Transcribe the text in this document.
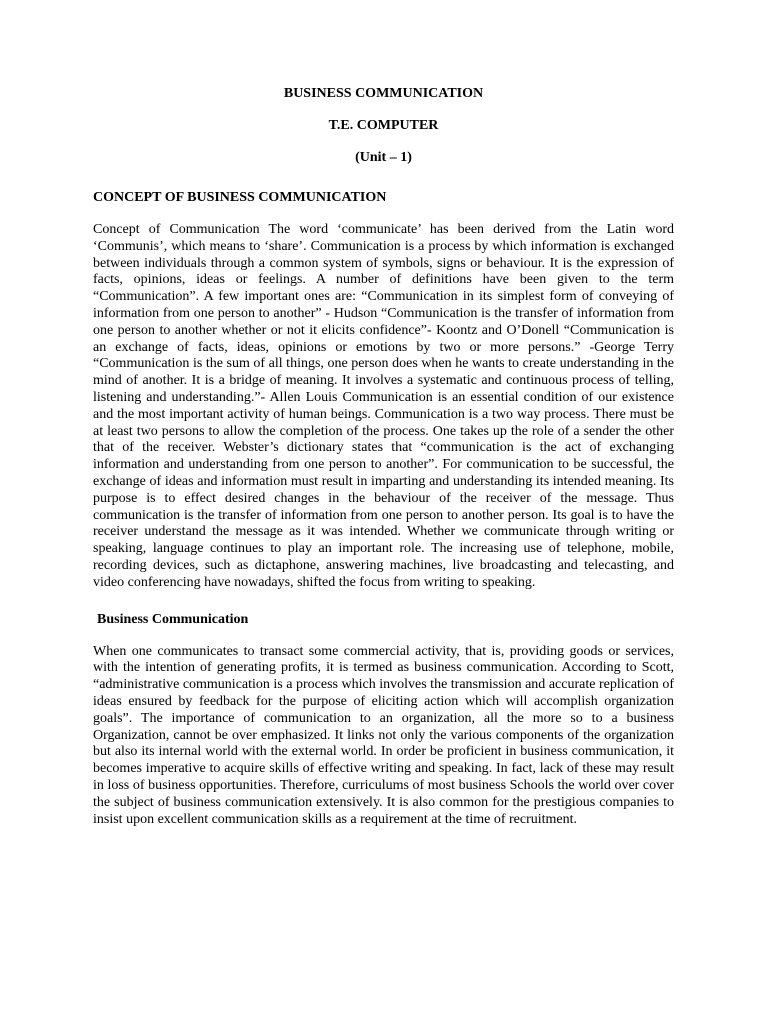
BUSINESS COMMUNICATION

T.E. COMPUTER

(Unit – 1)

CONCEPT OF BUSINESS COMMUNICATION

Concept of Communication The word ‘communicate’ has been derived from the Latin word ‘Communis’, which means to ‘share’. Communication is a process by which information is exchanged between individuals through a common system of symbols, signs or behaviour. It is the expression of facts, opinions, ideas or feelings. A number of definitions have been given to the term “Communication”. A few important ones are: “Communication in its simplest form of conveying of information from one person to another” - Hudson “Communication is the transfer of information from one person to another whether or not it elicits confidence”- Koontz and O’Donell “Communication is an exchange of facts, ideas, opinions or emotions by two or more persons.” -George Terry “Communication is the sum of all things, one person does when he wants to create understanding in the mind of another. It is a bridge of meaning. It involves a systematic and continuous process of telling, listening and understanding.”- Allen Louis Communication is an essential condition of our existence and the most important activity of human beings. Communication is a two way process. There must be at least two persons to allow the completion of the process. One takes up the role of a sender the other that of the receiver. Webster’s dictionary states that “communication is the act of exchanging information and understanding from one person to another”. For communication to be successful, the exchange of ideas and information must result in imparting and understanding its intended meaning. Its purpose is to effect desired changes in the behaviour of the receiver of the message. Thus communication is the transfer of information from one person to another person. Its goal is to have the receiver understand the message as it was intended. Whether we communicate through writing or speaking, language continues to play an important role. The increasing use of telephone, mobile, recording devices, such as dictaphone, answering machines, live broadcasting and telecasting, and video conferencing have nowadays, shifted the focus from writing to speaking.

Business Communication

When one communicates to transact some commercial activity, that is, providing goods or services, with the intention of generating profits, it is termed as business communication. According to Scott, “administrative communication is a process which involves the transmission and accurate replication of ideas ensured by feedback for the purpose of eliciting action which will accomplish organization goals”. The importance of communication to an organization, all the more so to a business Organization, cannot be over emphasized. It links not only the various components of the organization but also its internal world with the external world. In order be proficient in business communication, it becomes imperative to acquire skills of effective writing and speaking. In fact, lack of these may result in loss of business opportunities. Therefore, curriculums of most business Schools the world over cover the subject of business communication extensively. It is also common for the prestigious companies to insist upon excellent communication skills as a requirement at the time of recruitment.
